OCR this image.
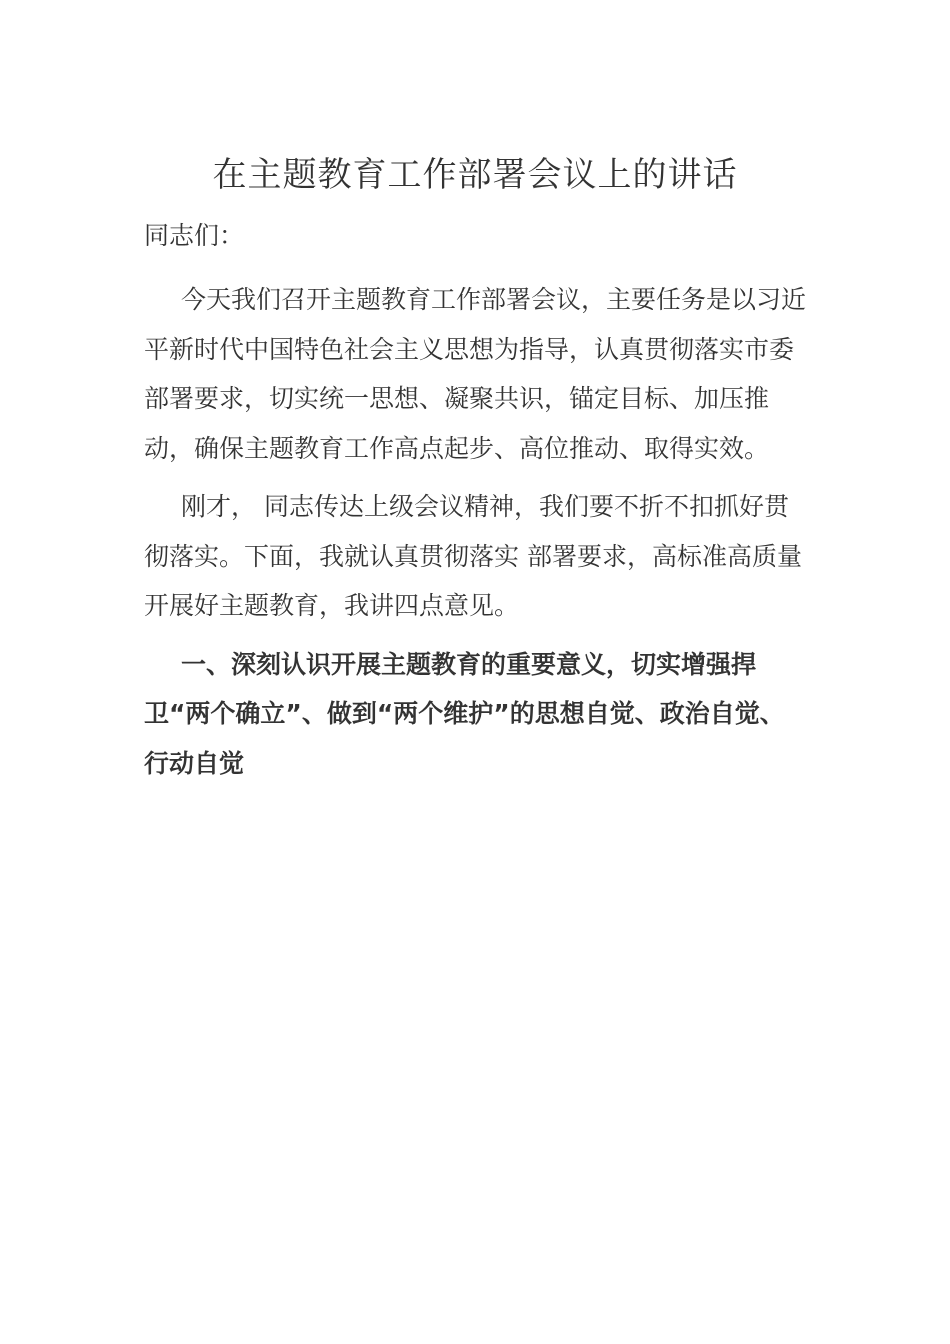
在主题教育工作部署会议上的讲话

同志们：

今天我们召开主题教育工作部署会议，主要任务是以习近平新时代中国特色社会主义思想为指导，认真贯彻落实市委部署要求，切实统一思想、凝聚共识，锚定目标、加压推动，确保主题教育工作高点起步、高位推动、取得实效。

刚才， 同志传达上级会议精神，我们要不折不扣抓好贯彻落实。下面，我就认真贯彻落实 部署要求，高标准高质量开展好主题教育，我讲四点意见。

一、深刻认识开展主题教育的重要意义，切实增强捍卫“两个确立”、做到“两个维护”的思想自觉、政治自觉、行动自觉
